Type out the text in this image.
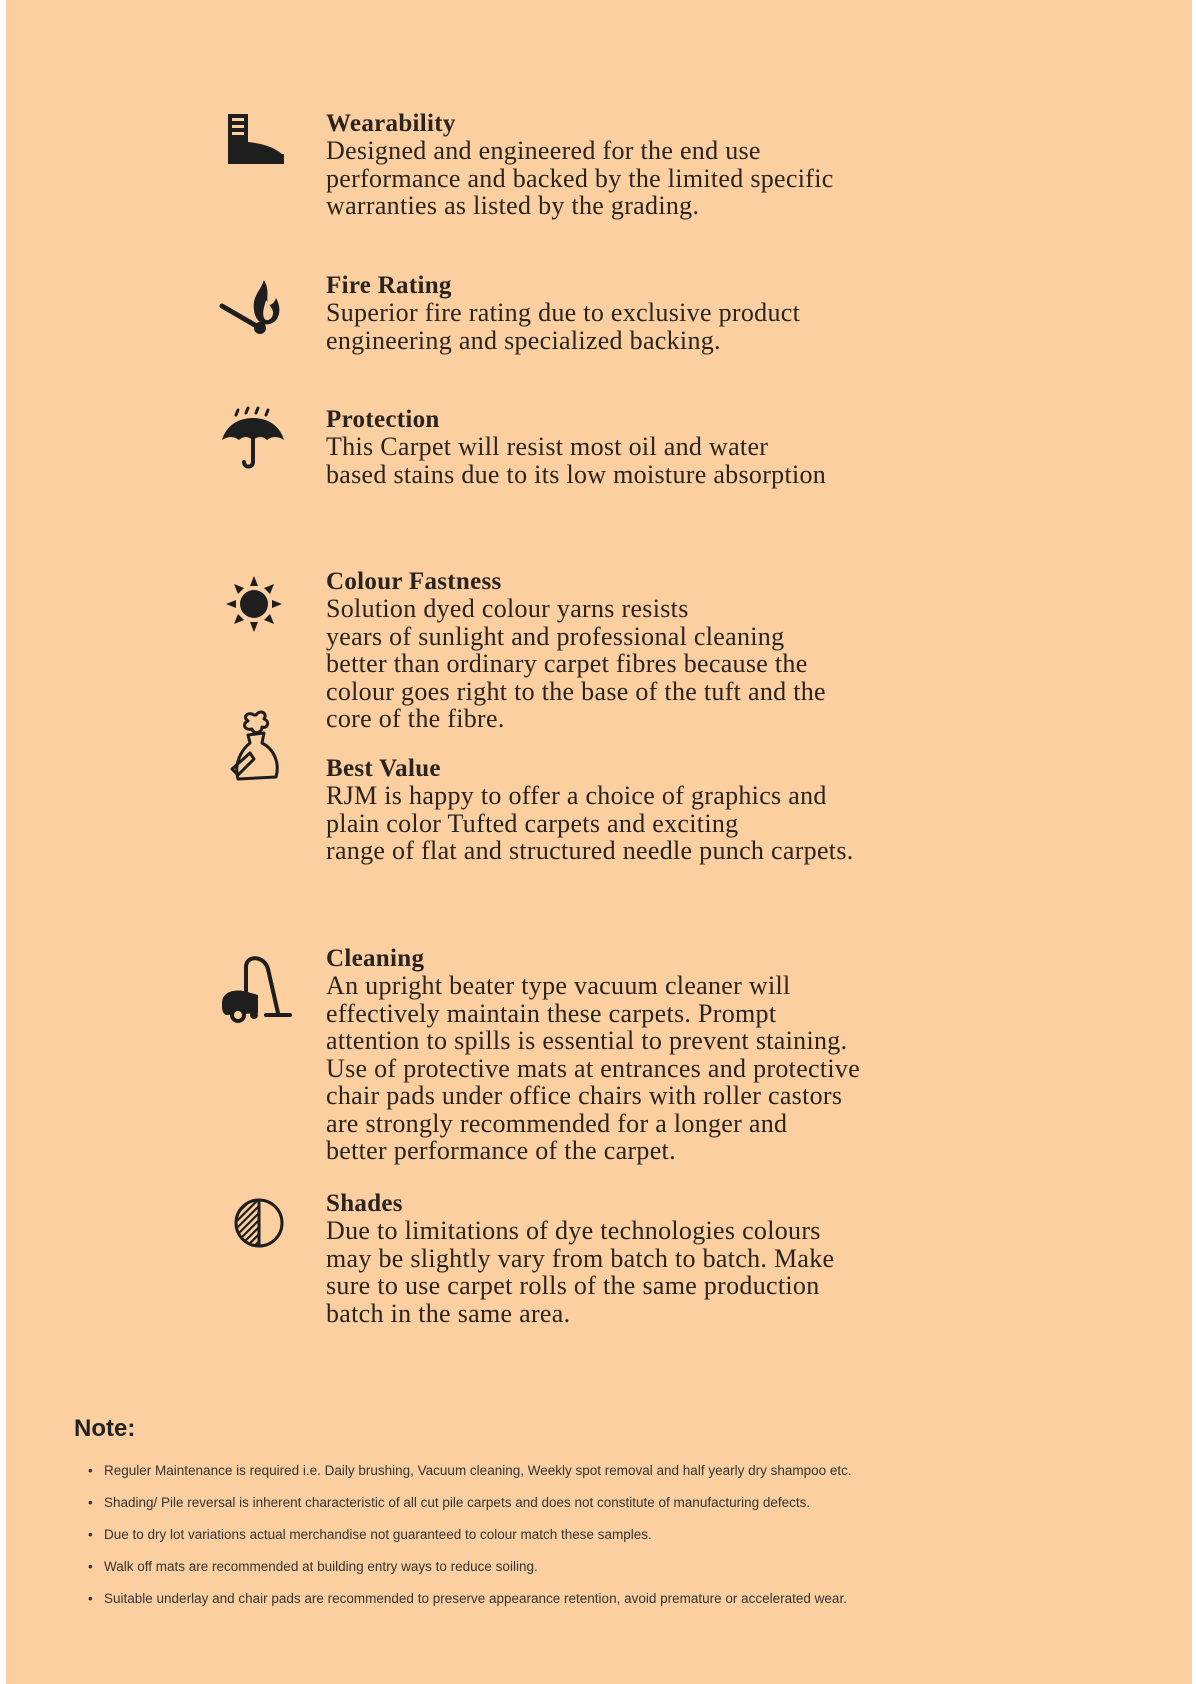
Wearability
Designed and engineered for the end use
performance and backed by the limited specific
warranties as listed by the grading.
Fire Rating
Superior fire rating due to exclusive product
engineering and specialized backing.
Protection
This Carpet will resist most oil and water
based stains due to its low moisture absorption
Colour Fastness
Solution dyed colour yarns resists
years of sunlight and professional cleaning
better than ordinary carpet fibres because the
colour goes right to the base of the tuft and the
core of the fibre.
Best Value
RJM is happy to offer a choice of graphics and
plain color Tufted carpets and exciting
range of flat and structured needle punch carpets.
Cleaning
An upright beater type vacuum cleaner will
effectively maintain these carpets. Prompt
attention to spills is essential to prevent staining.
Use of protective mats at entrances and protective
chair pads under office chairs with roller castors
are strongly recommended for a longer and
better performance of the carpet.
Shades
Due to limitations of dye technologies colours
may be slightly vary from batch to batch. Make
sure to use carpet rolls of the same production
batch in the same area.
Note:
• Reguler Maintenance is required i.e. Daily brushing, Vacuum cleaning, Weekly spot removal and half yearly dry shampoo etc.
• Shading/ Pile reversal is inherent characteristic of all cut pile carpets and does not constitute of manufacturing defects.
• Due to dry lot variations actual merchandise not guaranteed to colour match these samples.
• Walk off mats are recommended at building entry ways to reduce soiling.
• Suitable underlay and chair pads are recommended to preserve appearance retention, avoid premature or accelerated wear.
